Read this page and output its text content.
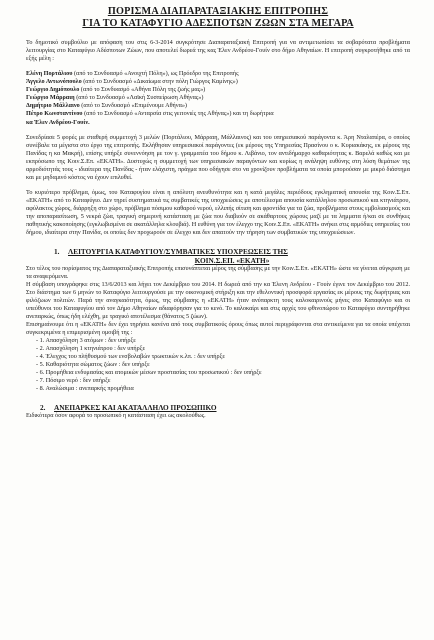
ΠΟΡΙΣΜΑ ΔΙΑΠΑΡΑΤΑΞΙΑΚΗΣ ΕΠΙΤΡΟΠΗΣ
ΓΙΑ ΤΟ ΚΑΤΑΦΥΓΙΟ ΑΔΕΣΠΟΤΩΝ ΖΩΩΝ ΣΤΑ ΜΕΓΑΡΑ

Το δημοτικό συμβούλιο με απόφαση του στις 6-3-2014 συγκρότησε Διαπαραταξιακή Επιτροπή για να αντιμετωπίσει τα σοβαρότατα προβλήματα λειτουργίας στο Καταφύγιο Αδέσποτων Ζώων, που αποτελεί δωρεά της κας Έλεν Ανδρέου-Γουίν στο δήμο Αθηναίων. Η επιτροπή συγκροτήθηκε από τα εξής μέλη :

Ελένη Πορτάλιου (από το Συνδυασμό «Ανοιχτή Πόλη»), ως Πρόεδρο της Επιτροπής
Άγγελο Αντωνόπουλο (από το Συνδυασμό «Δικαίωμα στην πόλη Γιώργος Καμίνης»)
Γεώργιο Δημόπουλο (από το Συνδυασμό «Αθήνα Πόλη της ζωής μας»)
Γεώργιο Μάρραιη (από το Συνδυασμό «Λαϊκή Συσπείρωση Αθήνας»)
Δημήτριο Μάλλαινο (από το Συνδυασμό «Επιμένουμε Αθήνα»)
Πέτρο Κωνσταντίνου (από το Συνδυασμό «Ανταρσία στις γειτονιές της Αθήνας») και τη δωρήτρια
κα Έλεν Ανδρέου-Γουίν.

Συνεδρίασε 5 φορές με σταθερή συμμετοχή 3 μελών (Πορτάλιου, Μάρραιη, Μάλλαινος) και του υπηρεσιακού παράγοντα κ. Άρη Νταλαπέρα, ο οποίος συνέβαλε τα μέγιστα στο έργο της επιτροπής. Εκλήθησαν υπηρεσιακοί παράγοντες (εκ μέρους της Υπηρεσίας Πρασίνου ο κ. Κυριακάκης, εκ μέρους της Πανίδας η κα Μακρή), επίσης υπήρξε συνεννόηση με τον γ. γραμματέα του δήμου κ. Λιβάνιο, τον αντιδήμαρχο καθαριότητας κ. Βαρελά καθώς και με εκπρόσωπο της Κοιν.Σ.Επ. «ΕΚΑΤΗ». Δυστυχώς η συμμετοχή των υπηρεσιακών παραγόντων και κυρίως η ανάληψη ευθύνης στη λύση θεμάτων της αρμοδιότητάς τους - ιδιαίτερα της Πανίδας - ήταν ελάχιστη, πράγμα που οδήγησε στο να χρονίζουν προβλήματα τα οποία μπορούσαν με μικρό διάστημα και με μηδαμινό κόστος να έχουν επιλυθεί.

Το κυριότερο πρόβλημα, όμως, του Καταφυγίου είναι η απόλυτη ανευθυνότητα και η κατά μεγάλες περιόδους εγκληματική απουσία της Κοιν.Σ.Επ. «ΕΚΑΤΗ» από το Καταφύγιο. Δεν τηρεί συστηματικά τις συμβατικές της υποχρεώσεις με αποτέλεσμα απουσία κατάλληλου προσωπικού και κτηνιάτρου, αφύλακτος χώρος, διάρρηξη στο χώρο, πρόβλημα πόσιμου καθαρού νερού, ελλιπής σίτιση και φροντίδα για τα ζώα, προβλήματα στους εμβολιασμούς και την αποπαρασίτωση, 5 νεκρά ζώα, τραγική σημερινή κατάσταση με ζώα που διαβιούν σε ακάθαρτους χώρους μαζί με τα λημματα ή/και σε συνθήκες παθητικής κακοποίησης (εγκλωβισμένα σε ακατάλληλα κλουβιά). Η ευθύνη για τον έλεγχο της Κοιν.Σ.Επ. «ΕΚΑΤΗ» ανήκει στις αρμόδιες υπηρεσίες του δήμου, ιδιαίτερα στην Πανίδα, οι οποίες δεν προχωρούν σε έλεγχο και δεν απαιτούν την τήρηση των συμβατικών της υποχρεώσεων.

1. ΛΕΙΤΟΥΡΓΙΑ ΚΑΤΑΦΥΓΙΟΥ/ΣΥΜΒΑΤΙΚΕΣ ΥΠΟΧΡΕΩΣΕΙΣ ΤΗΣ
ΚΟΙΝ.Σ.ΕΠ. «ΕΚΑΤΗ»

Στο τέλος του πορίσματος της Διαπαραταξιακής Επιτροπής επισυνάπτεται μέρος της σύμβασης με την Κοιν.Σ.Επ. «ΕΚΑΤΗ» ώστε να γίνεται σύγκριση με τα αναφερόμενα.

Η σύμβαση υπογράφηκε στις 13/6/2013 και λήγει τον Δεκέμβριο του 2014. Η δωρεά από την κα Έλενη Ανδρέου - Γουίν έγινε τον Δεκέμβριο του 2012. Στο διάστημα των 6 μηνών το Καταφύγιο λειτουργούσε με την οικονομική στήριξη και την εθελοντική προσφορά εργασίας εκ μέρους της δωρήτριας και φιλόζωων πολιτών. Παρά την αναγκαιότητα, όμως, της σύμβασης η «ΕΚΑΤΗ» ήταν ανύπαρκτη τους καλοκαιρινούς μήνες στο Καταφύγιο και οι υπεύθυνοι του Καταφυγίου από τον Δήμο Αθηναίων αδιαφόρησαν για το κενό. Το καλοκαίρι και στις αρχές του φθινοπώρου το Καταφύγιο συντηρήθηκε ανεπαρκώς, όπως ήδη ελέχθη, με τραγικό αποτέλεσμα (θάνατος 5 ζώων).

Επισημαίνουμε ότι η «ΕΚΑΤΗ» δεν έχει τηρήσει κανένα από τους συμβατικούς όρους όπως αυτοί περιγράφονται στα αντικείμενα για τα οποία υπέχεται συγκεκριμένα η επιμερισμένη ομοιβή της :

- 1. Απασχόληση 3 ατόμων : δεν υπήρξε
- 2. Απασχόληση 1 κτηνιάτρου : δεν υπήρξε
- 4. Έλεγχος του πλήθυσμού των ενσβολαβών τρωκτικών κ.λπ. : δεν υπήρξε
- 5. Καθαριότητα σώματος ζώων : δεν υπήρξε
- 6. Προμήθεια ενδυμασίας και ατομικών μέσων προστασίας του προσωπικού : δεν υπήρξε
- 7. Πόσιμο νερό : δεν υπήρξε
- 8. Αναλώσιμα : ανεπαρκής προμήθεια
2. ΑΝΕΠΑΡΚΕΣ ΚΑΙ ΑΚΑΤΑΛΛΗΛΟ ΠΡΟΣΩΠΙΚΟ

Ειδικότερα όσον αφορά το προσωπικό η κατάσταση έχει ως ακολούθως.
